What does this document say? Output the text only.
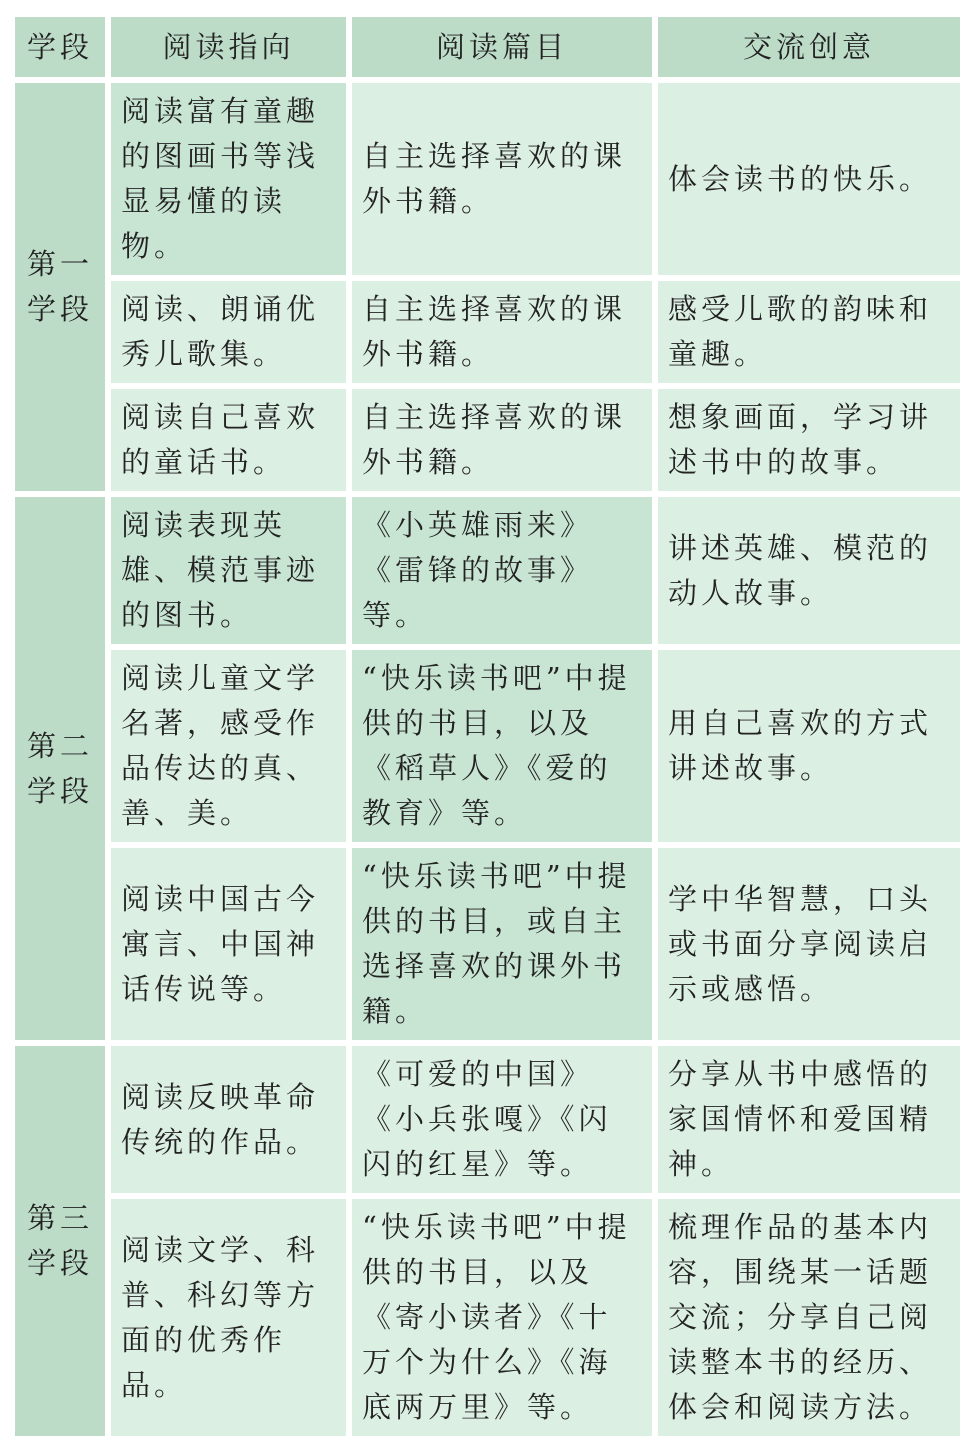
学段	阅读指向	阅读篇目	交流创意
第一学段	阅读富有童趣的图画书等浅显易懂的读物。	自主选择喜欢的课外书籍。	体会读书的快乐。
	阅读、朗诵优秀儿歌集。	自主选择喜欢的课外书籍。	感受儿歌的韵味和童趣。
	阅读自己喜欢的童话书。	自主选择喜欢的课外书籍。	想象画面，学习讲述书中的故事。
第二学段	阅读表现英雄、模范事迹的图书。	《小英雄雨来》《雷锋的故事》等。	讲述英雄、模范的动人故事。
	阅读儿童文学名著，感受作品传达的真、善、美。	“快乐读书吧”中提供的书目，以及《稻草人》《爱的教育》等。	用自己喜欢的方式讲述故事。
	阅读中国古今寓言、中国神话传说等。	“快乐读书吧”中提供的书目，或自主选择喜欢的课外书籍。	学中华智慧，口头或书面分享阅读启示或感悟。
第三学段	阅读反映革命传统的作品。	《可爱的中国》《小兵张嘎》《闪闪的红星》等。	分享从书中感悟的家国情怀和爱国精神。
	阅读文学、科普、科幻等方面的优秀作品。	“快乐读书吧”中提供的书目，以及《寄小读者》《十万个为什么》《海底两万里》等。	梳理作品的基本内容，围绕某一话题交流；分享自己阅读整本书的经历、体会和阅读方法。
